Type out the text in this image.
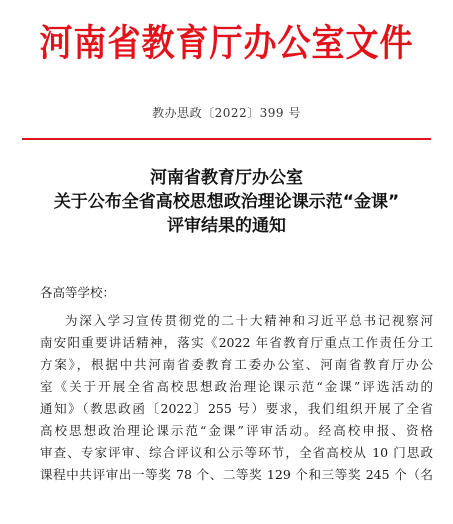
河南省教育厅办公室文件
教办思政〔2022〕399 号
河南省教育厅办公室
关于公布全省高校思想政治理论课示范“金课”
评审结果的通知
各高等学校：
为深入学习宣传贯彻党的二十大精神和习近平总书记视察河
南安阳重要讲话精神，落实《2022 年省教育厅重点工作责任分工
方案》，根据中共河南省委教育工委办公室、河南省教育厅办公
室《关于开展全省高校思想政治理论课示范“金课”评选活动的
通知》（教思政函〔2022〕255 号）要求，我们组织开展了全省
高校思想政治理论课示范“金课”评审活动。经高校申报、资格
审查、专家评审、综合评议和公示等环节，全省高校从 10 门思政
课程中共评审出一等奖 78 个、二等奖 129 个和三等奖 245 个（名
